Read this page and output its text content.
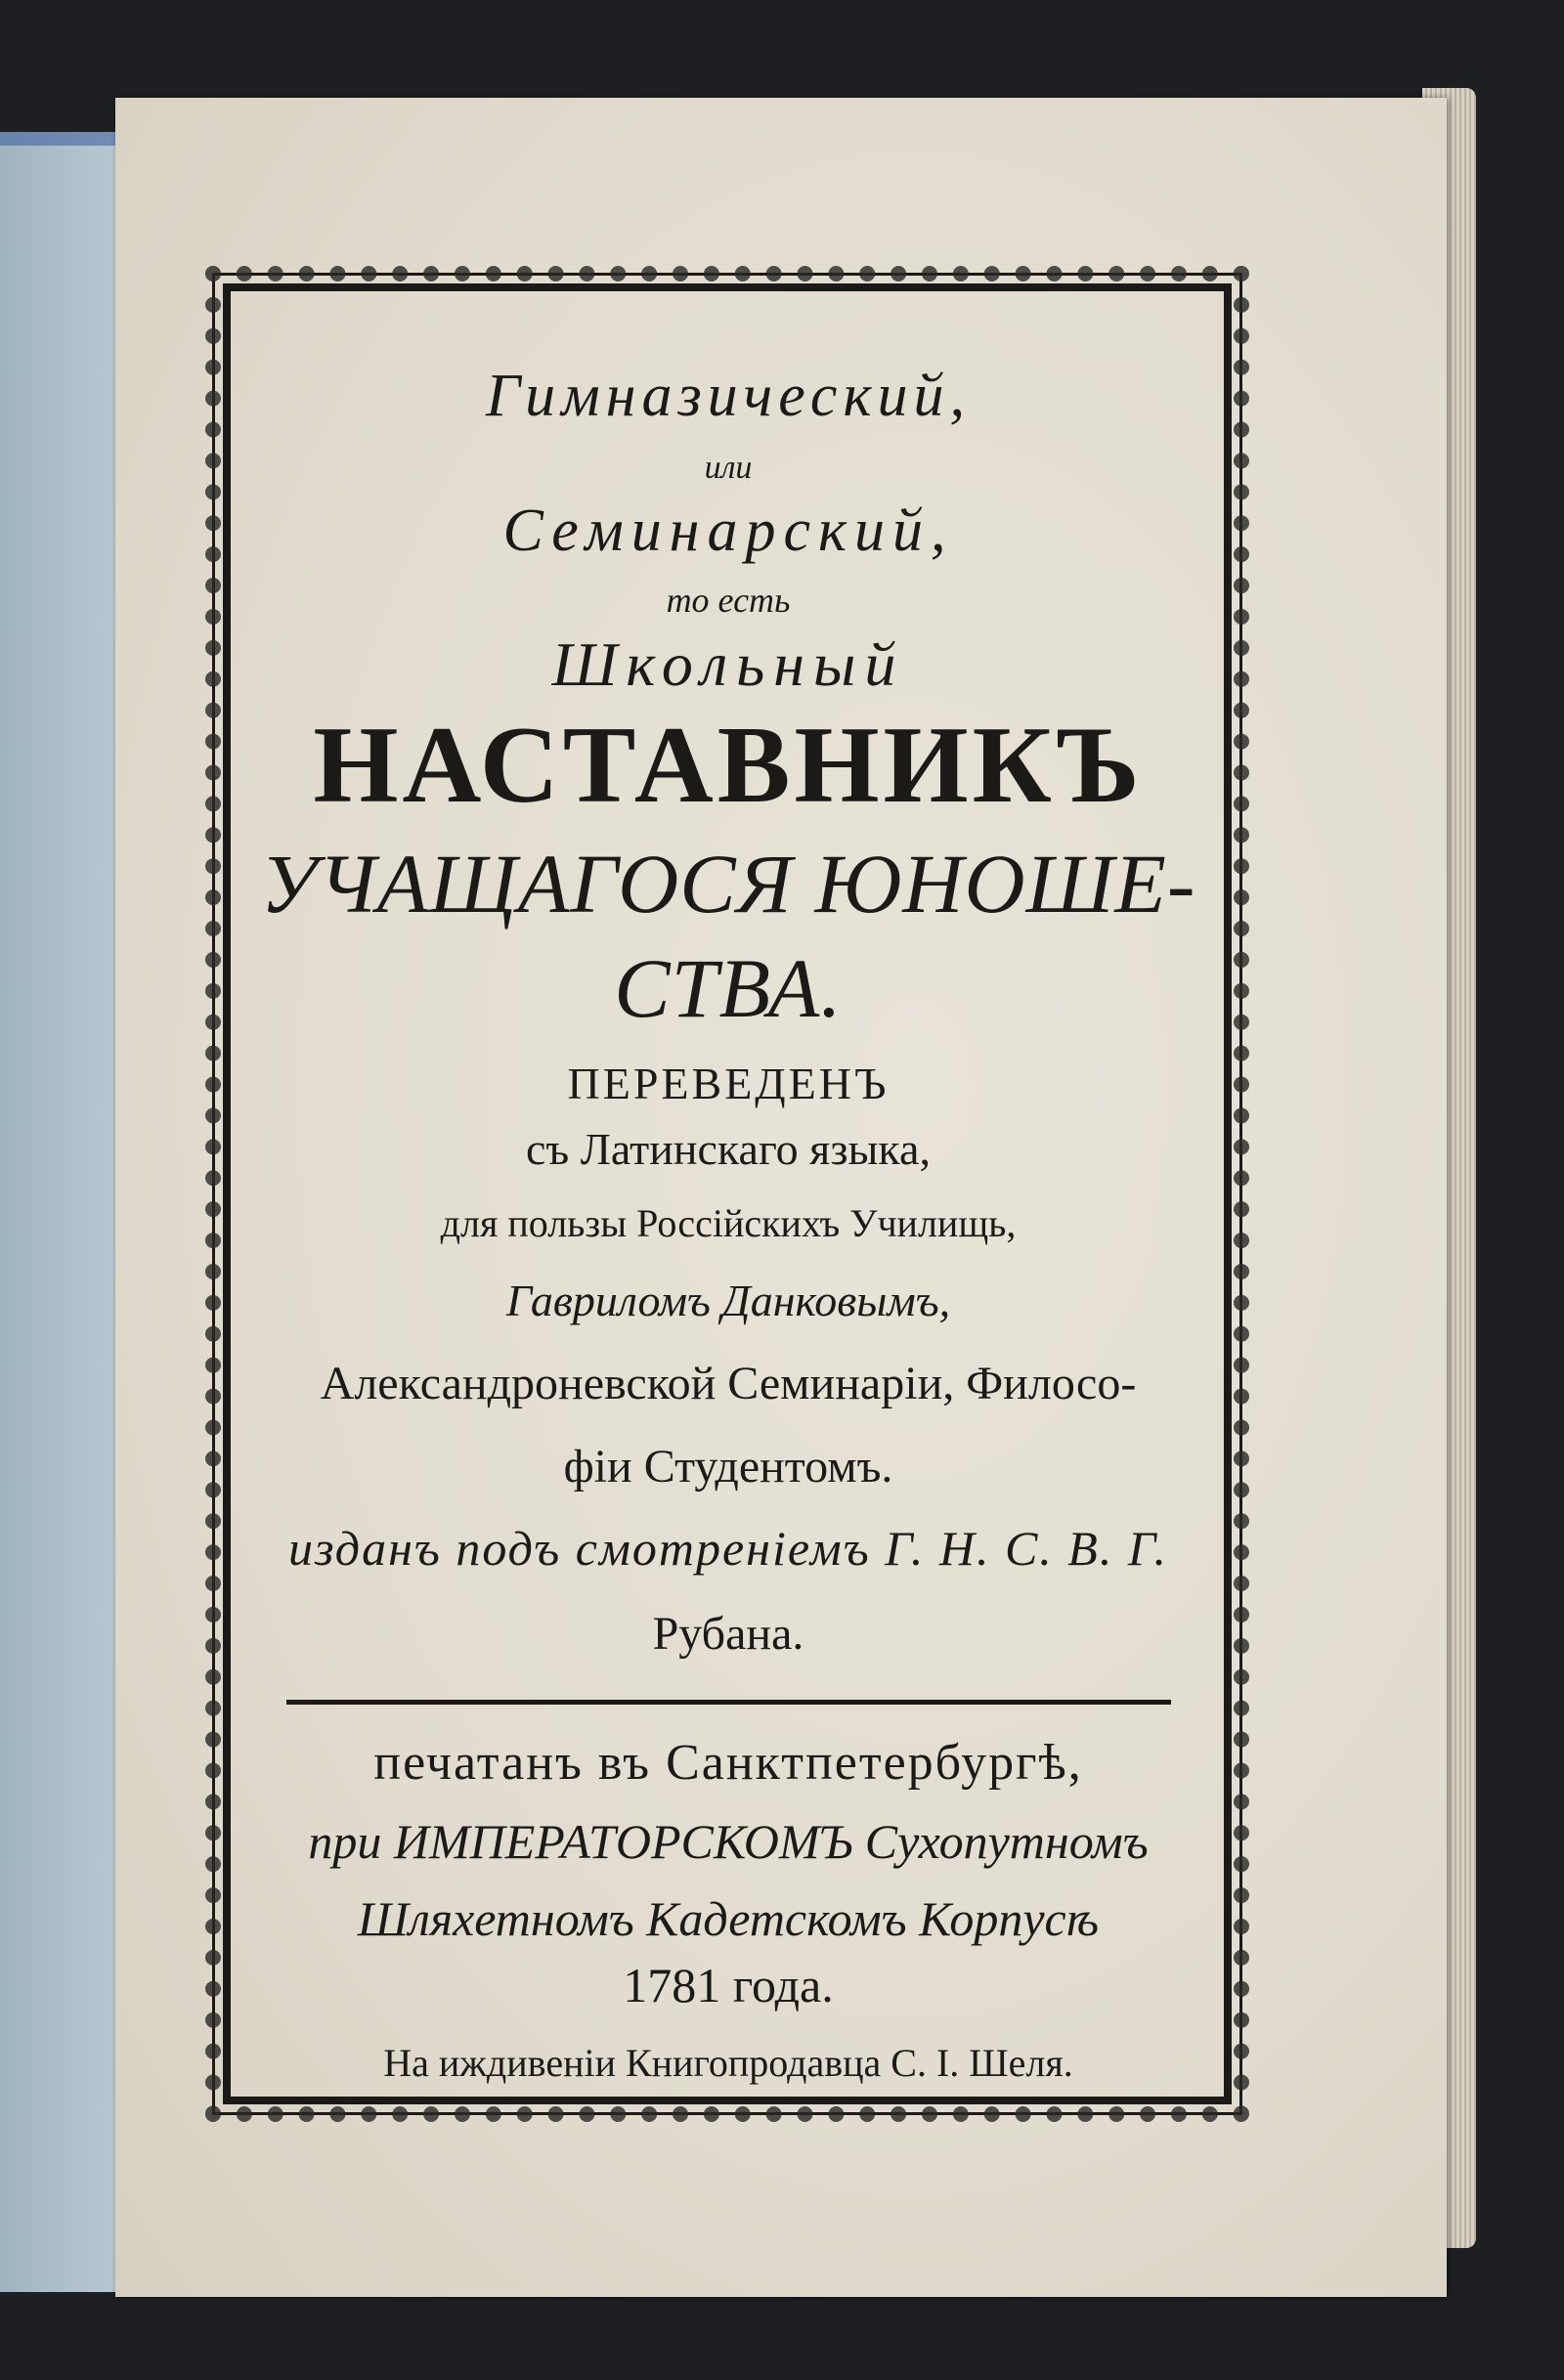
Гимназический,
или
Семинарский,
то есть
Школьный
НАСТАВНИКЪ
УЧАЩАГОСЯ ЮНОШЕ-
СТВА.
ПЕРЕВЕДЕНЪ
съ Латинскаго языка,
для пользы Россійскихъ Училищь,
Гавриломъ Данковымъ,
Александроневской Семинаріи, Филосо-
фіи Студентомъ.
изданъ подъ смотреніемъ Г. Н. С. В. Г.
Рубана.
печатанъ въ Санктпетербургѣ,
при ИМПЕРАТОРСКОМЪ Сухопутномъ
Шляхетномъ Кадетскомъ Корпусѣ
1781 года.
На иждивеніи Книгопродавца С. І. Шеля.
